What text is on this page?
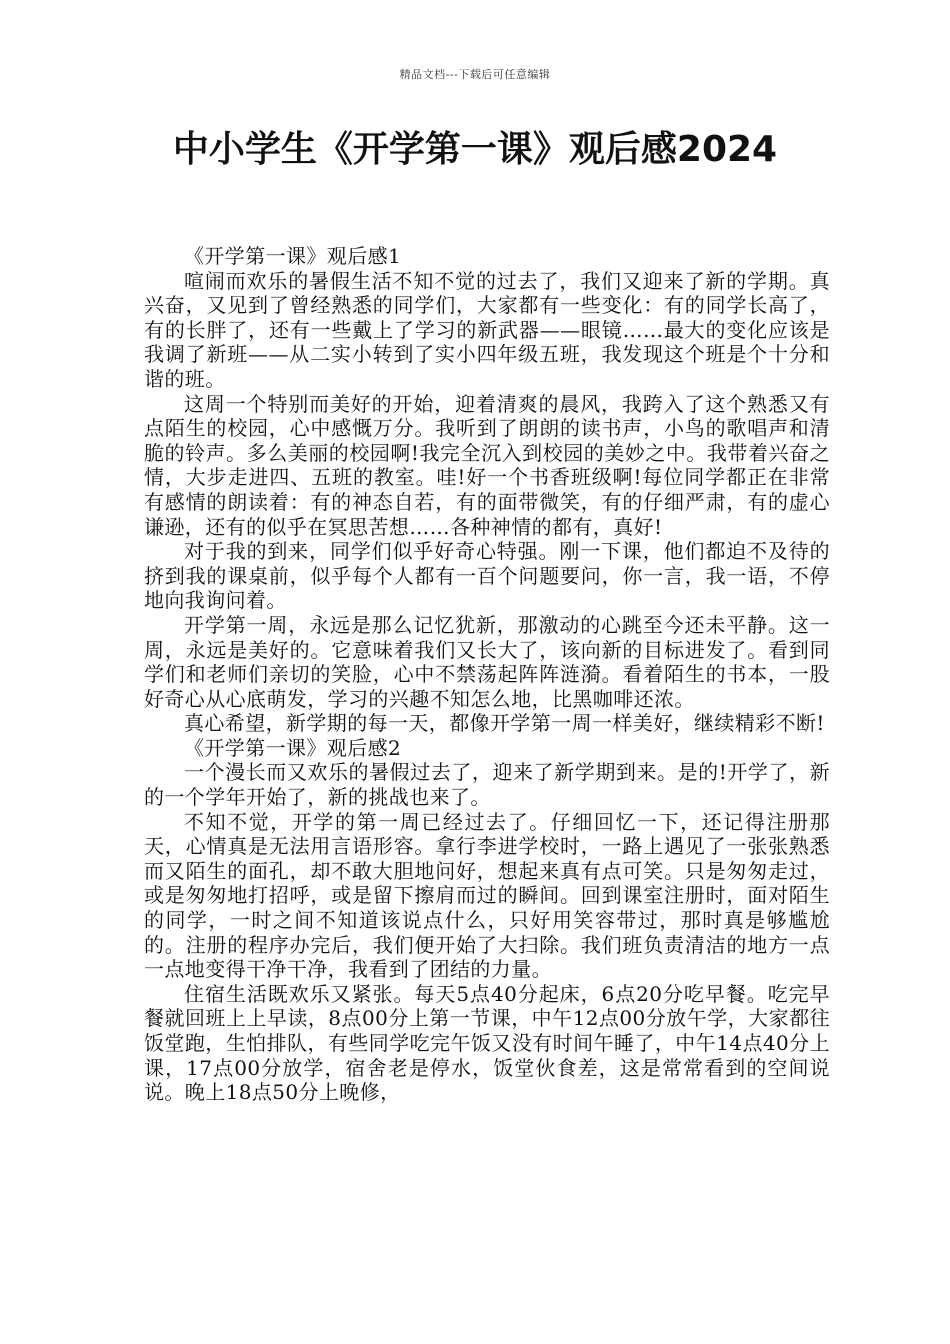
精品文档---下载后可任意编辑
中小学生《开学第一课》观后感2024

《开学第一课》观后感1

喧闹而欢乐的暑假生活不知不觉的过去了，我们又迎来了新的学期。真兴奋，又见到了曾经熟悉的同学们，大家都有一些变化：有的同学长高了，有的长胖了，还有一些戴上了学习的新武器——眼镜……最大的变化应该是我调了新班——从二实小转到了实小四年级五班，我发现这个班是个十分和谐的班。

这周一个特别而美好的开始，迎着清爽的晨风，我跨入了这个熟悉又有点陌生的校园，心中感慨万分。我听到了朗朗的读书声，小鸟的歌唱声和清脆的铃声。多么美丽的校园啊!我完全沉入到校园的美妙之中。我带着兴奋之情，大步走进四、五班的教室。哇!好一个书香班级啊!每位同学都正在非常有感情的朗读着：有的神态自若，有的面带微笑，有的仔细严肃，有的虚心谦逊，还有的似乎在冥思苦想……各种神情的都有，真好!

对于我的到来，同学们似乎好奇心特强。刚一下课，他们都迫不及待的挤到我的课桌前，似乎每个人都有一百个问题要问，你一言，我一语，不停地向我询问着。

开学第一周，永远是那么记忆犹新，那激动的心跳至今还未平静。这一周，永远是美好的。它意味着我们又长大了，该向新的目标进发了。看到同学们和老师们亲切的笑脸，心中不禁荡起阵阵涟漪。看着陌生的书本，一股好奇心从心底萌发，学习的兴趣不知怎么地，比黑咖啡还浓。

真心希望，新学期的每一天，都像开学第一周一样美好，继续精彩不断!

《开学第一课》观后感2

一个漫长而又欢乐的暑假过去了，迎来了新学期到来。是的!开学了，新的一个学年开始了，新的挑战也来了。

不知不觉，开学的第一周已经过去了。仔细回忆一下，还记得注册那天，心情真是无法用言语形容。拿行李进学校时，一路上遇见了一张张熟悉而又陌生的面孔，却不敢大胆地问好，想起来真有点可笑。只是匆匆走过，或是匆匆地打招呼，或是留下擦肩而过的瞬间。回到课室注册时，面对陌生的同学，一时之间不知道该说点什么，只好用笑容带过，那时真是够尴尬的。注册的程序办完后，我们便开始了大扫除。我们班负责清洁的地方一点一点地变得干净干净，我看到了团结的力量。

住宿生活既欢乐又紧张。每天5点40分起床，6点20分吃早餐。吃完早餐就回班上上早读，8点00分上第一节课，中午12点00分放午学，大家都往饭堂跑，生怕排队，有些同学吃完午饭又没有时间午睡了，中午14点40分上课，17点00分放学，宿舍老是停水，饭堂伙食差，这是常常看到的空间说说。晚上18点50分上晚修，
